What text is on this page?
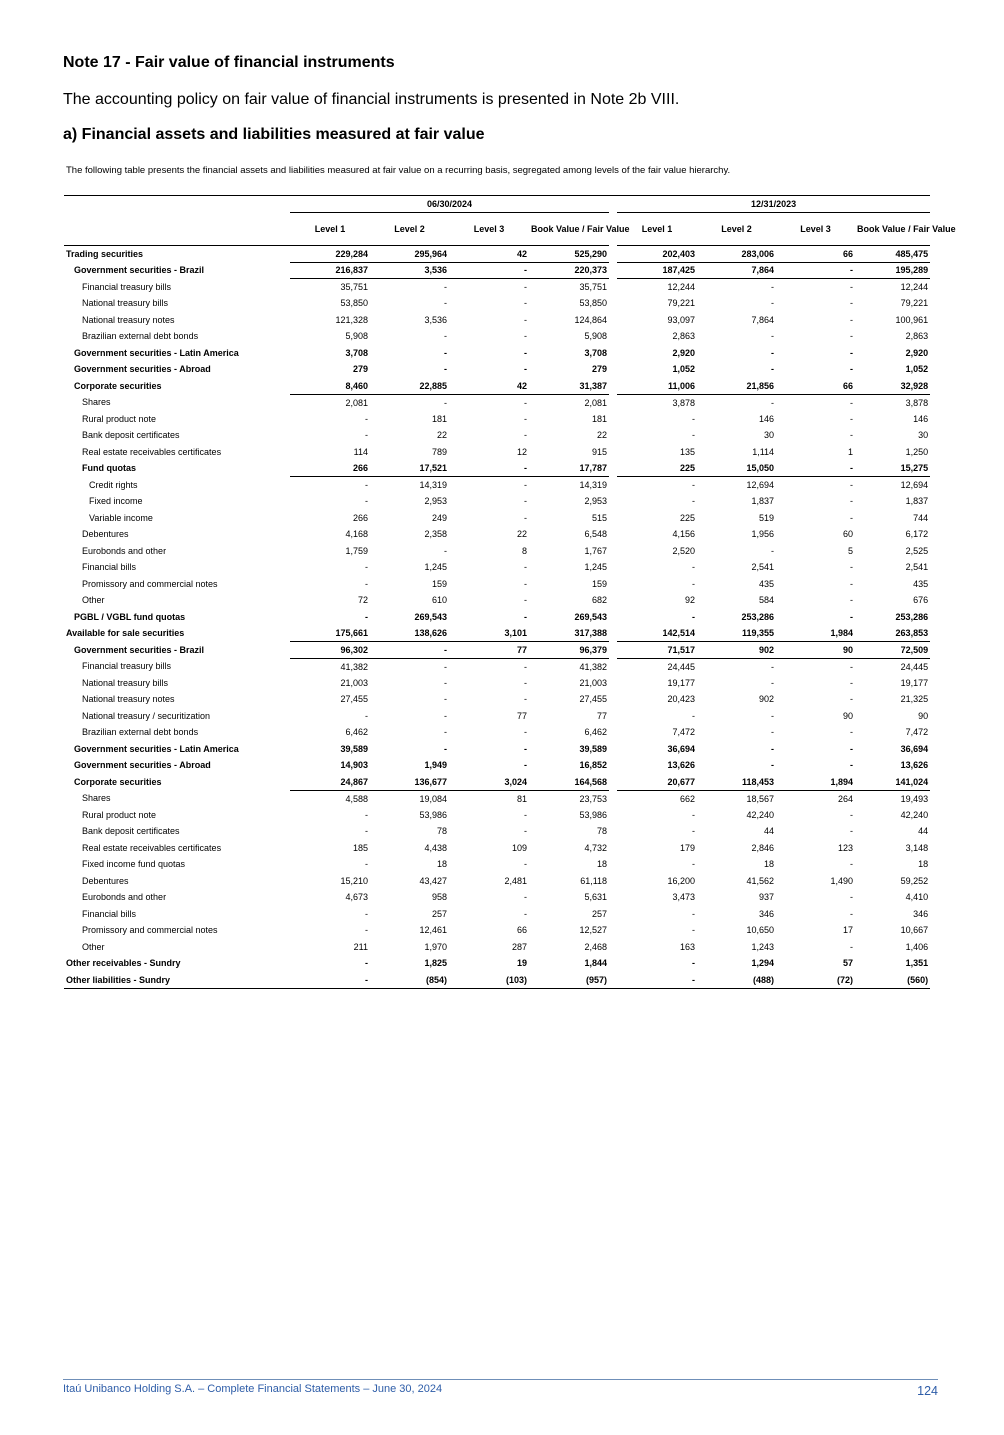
Note 17 - Fair value of financial instruments

The accounting policy on fair value of financial instruments is presented in Note 2b VIII.

a) Financial assets and liabilities measured at fair value

The following table presents the financial assets and liabilities measured at fair value on a recurring basis, segregated among levels of the fair value hierarchy.

	06/30/2024					12/31/2023			
	Level 1	Level 2	Level 3	Book Value / Fair Value		Level 1	Level 2	Level 3	Book Value / Fair Value
Trading securities	229,284	295,964	42	525,290		202,403	283,006	66	485,475
Government securities - Brazil	216,837	3,536	-	220,373		187,425	7,864	-	195,289
Financial treasury bills	35,751	-	-	35,751		12,244	-	-	12,244
National treasury bills	53,850	-	-	53,850		79,221	-	-	79,221
National treasury notes	121,328	3,536	-	124,864		93,097	7,864	-	100,961
Brazilian external debt bonds	5,908	-	-	5,908		2,863	-	-	2,863
Government securities - Latin America	3,708	-	-	3,708		2,920	-	-	2,920
Government securities - Abroad	279	-	-	279		1,052	-	-	1,052
Corporate securities	8,460	22,885	42	31,387		11,006	21,856	66	32,928
Shares	2,081	-	-	2,081		3,878	-	-	3,878
Rural product note	-	181	-	181		-	146	-	146
Bank deposit certificates	-	22	-	22		-	30	-	30
Real estate receivables certificates	114	789	12	915		135	1,114	1	1,250
Fund quotas	266	17,521	-	17,787		225	15,050	-	15,275
Credit rights	-	14,319	-	14,319		-	12,694	-	12,694
Fixed income	-	2,953	-	2,953		-	1,837	-	1,837
Variable income	266	249	-	515		225	519	-	744
Debentures	4,168	2,358	22	6,548		4,156	1,956	60	6,172
Eurobonds and other	1,759	-	8	1,767		2,520	-	5	2,525
Financial bills	-	1,245	-	1,245		-	2,541	-	2,541
Promissory and commercial notes	-	159	-	159		-	435	-	435
Other	72	610	-	682		92	584	-	676
PGBL / VGBL fund quotas	-	269,543	-	269,543		-	253,286	-	253,286
Available for sale securities	175,661	138,626	3,101	317,388		142,514	119,355	1,984	263,853
Government securities - Brazil	96,302	-	77	96,379		71,517	902	90	72,509
Financial treasury bills	41,382	-	-	41,382		24,445	-	-	24,445
National treasury bills	21,003	-	-	21,003		19,177	-	-	19,177
National treasury notes	27,455	-	-	27,455		20,423	902	-	21,325
National treasury / securitization	-	-	77	77		-	-	90	90
Brazilian external debt bonds	6,462	-	-	6,462		7,472	-	-	7,472
Government securities - Latin America	39,589	-	-	39,589		36,694	-	-	36,694
Government securities - Abroad	14,903	1,949	-	16,852		13,626	-	-	13,626
Corporate securities	24,867	136,677	3,024	164,568		20,677	118,453	1,894	141,024
Shares	4,588	19,084	81	23,753		662	18,567	264	19,493
Rural product note	-	53,986	-	53,986		-	42,240	-	42,240
Bank deposit certificates	-	78	-	78		-	44	-	44
Real estate receivables certificates	185	4,438	109	4,732		179	2,846	123	3,148
Fixed income fund quotas	-	18	-	18		-	18	-	18
Debentures	15,210	43,427	2,481	61,118		16,200	41,562	1,490	59,252
Eurobonds and other	4,673	958	-	5,631		3,473	937	-	4,410
Financial bills	-	257	-	257		-	346	-	346
Promissory and commercial notes	-	12,461	66	12,527		-	10,650	17	10,667
Other	211	1,970	287	2,468		163	1,243	-	1,406
Other receivables - Sundry	-	1,825	19	1,844		-	1,294	57	1,351
Other liabilities - Sundry	-	(854)	(103)	(957)		-	(488)	(72)	(560)
Itaú Unibanco Holding S.A. – Complete Financial Statements – June 30, 2024	124
